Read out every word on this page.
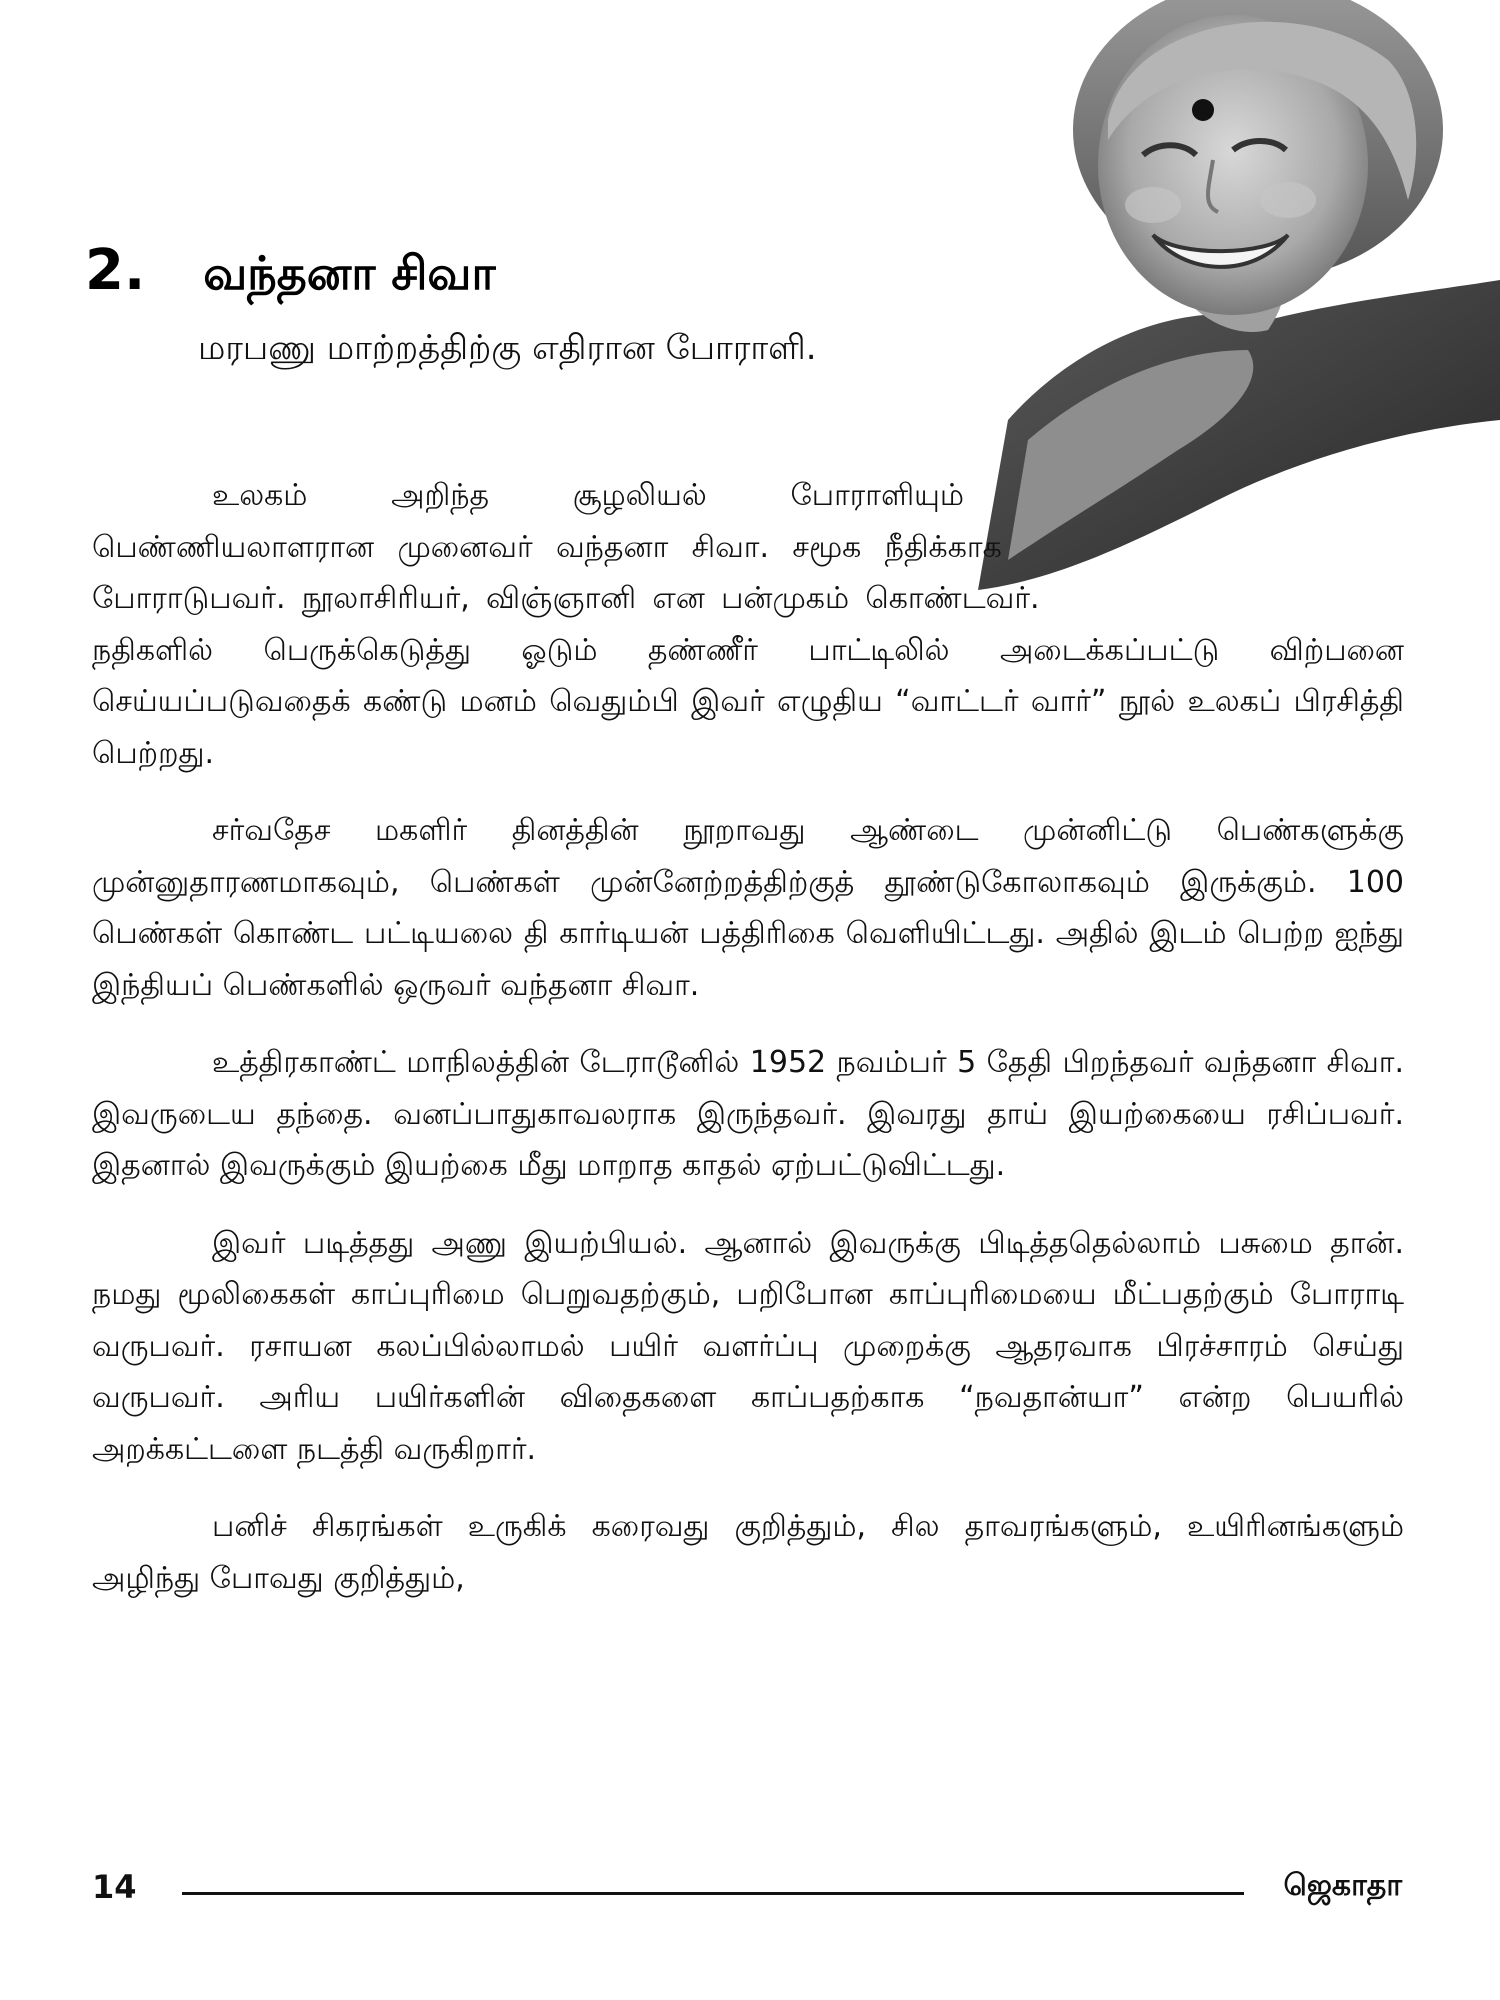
2. வந்தனா சிவா
மரபணு மாற்றத்திற்கு எதிரான போராளி.

உலகம் அறிந்த சூழலியல் போராளியும் பெண்ணியலாளரான முனைவர் வந்தனா சிவா. சமூக நீதிக்காக போராடுபவர். நூலாசிரியர், விஞ்ஞானி என பன்முகம் கொண்டவர். நதிகளில் பெருக்கெடுத்து ஓடும் தண்ணீர் பாட்டிலில் அடைக்கப்பட்டு விற்பனை செய்யப்படுவதைக் கண்டு மனம் வெதும்பி இவர் எழுதிய “வாட்டர் வார்” நூல் உலகப் பிரசித்தி பெற்றது.

சர்வதேச மகளிர் தினத்தின் நூறாவது ஆண்டை முன்னிட்டு பெண்களுக்கு முன்னுதாரணமாகவும், பெண்கள் முன்னேற்றத்திற்குத் தூண்டுகோலாகவும் இருக்கும். 100 பெண்கள் கொண்ட பட்டியலை தி கார்டியன் பத்திரிகை வெளியிட்டது. அதில் இடம் பெற்ற ஐந்து இந்தியப் பெண்களில் ஒருவர் வந்தனா சிவா.

உத்திரகாண்ட் மாநிலத்தின் டேராடூனில் 1952 நவம்பர் 5 தேதி பிறந்தவர் வந்தனா சிவா. இவருடைய தந்தை. வனப்பாதுகாவலராக இருந்தவர். இவரது தாய் இயற்கையை ரசிப்பவர். இதனால் இவருக்கும் இயற்கை மீது மாறாத காதல் ஏற்பட்டுவிட்டது.

இவர் படித்தது அணு இயற்பியல். ஆனால் இவருக்கு பிடித்ததெல்லாம் பசுமை தான். நமது மூலிகைகள் காப்புரிமை பெறுவதற்கும், பறிபோன காப்புரிமையை மீட்பதற்கும் போராடி வருபவர். ரசாயன கலப்பில்லாமல் பயிர் வளர்ப்பு முறைக்கு ஆதரவாக பிரச்சாரம் செய்து வருபவர். அரிய பயிர்களின் விதைகளை காப்பதற்காக “நவதான்யா” என்ற பெயரில் அறக்கட்டளை நடத்தி வருகிறார்.

பனிச் சிகரங்கள் உருகிக் கரைவது குறித்தும், சில தாவரங்களும், உயிரினங்களும் அழிந்து போவது குறித்தும்,

14	ஜெகாதா
